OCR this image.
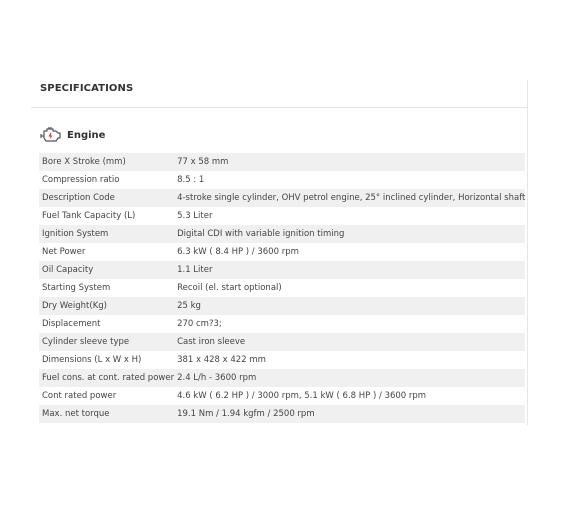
SPECIFICATIONS
Engine
Bore X Stroke (mm)	77 x 58 mm
Compression ratio	8.5 : 1
Description Code	4-stroke single cylinder, OHV petrol engine, 25° inclined cylinder, Horizontal shaft
Fuel Tank Capacity (L)	5.3 Liter
Ignition System	Digital CDI with variable ignition timing
Net Power	6.3 kW ( 8.4 HP ) / 3600 rpm
Oil Capacity	1.1 Liter
Starting System	Recoil (el. start optional)
Dry Weight(Kg)	25 kg
Displacement	270 cm?3;
Cylinder sleeve type	Cast iron sleeve
Dimensions (L x W x H)	381 x 428 x 422 mm
Fuel cons. at cont. rated power	2.4 L/h - 3600 rpm
Cont rated power	4.6 kW ( 6.2 HP ) / 3000 rpm, 5.1 kW ( 6.8 HP ) / 3600 rpm
Max. net torque	19.1 Nm / 1.94 kgfm / 2500 rpm
